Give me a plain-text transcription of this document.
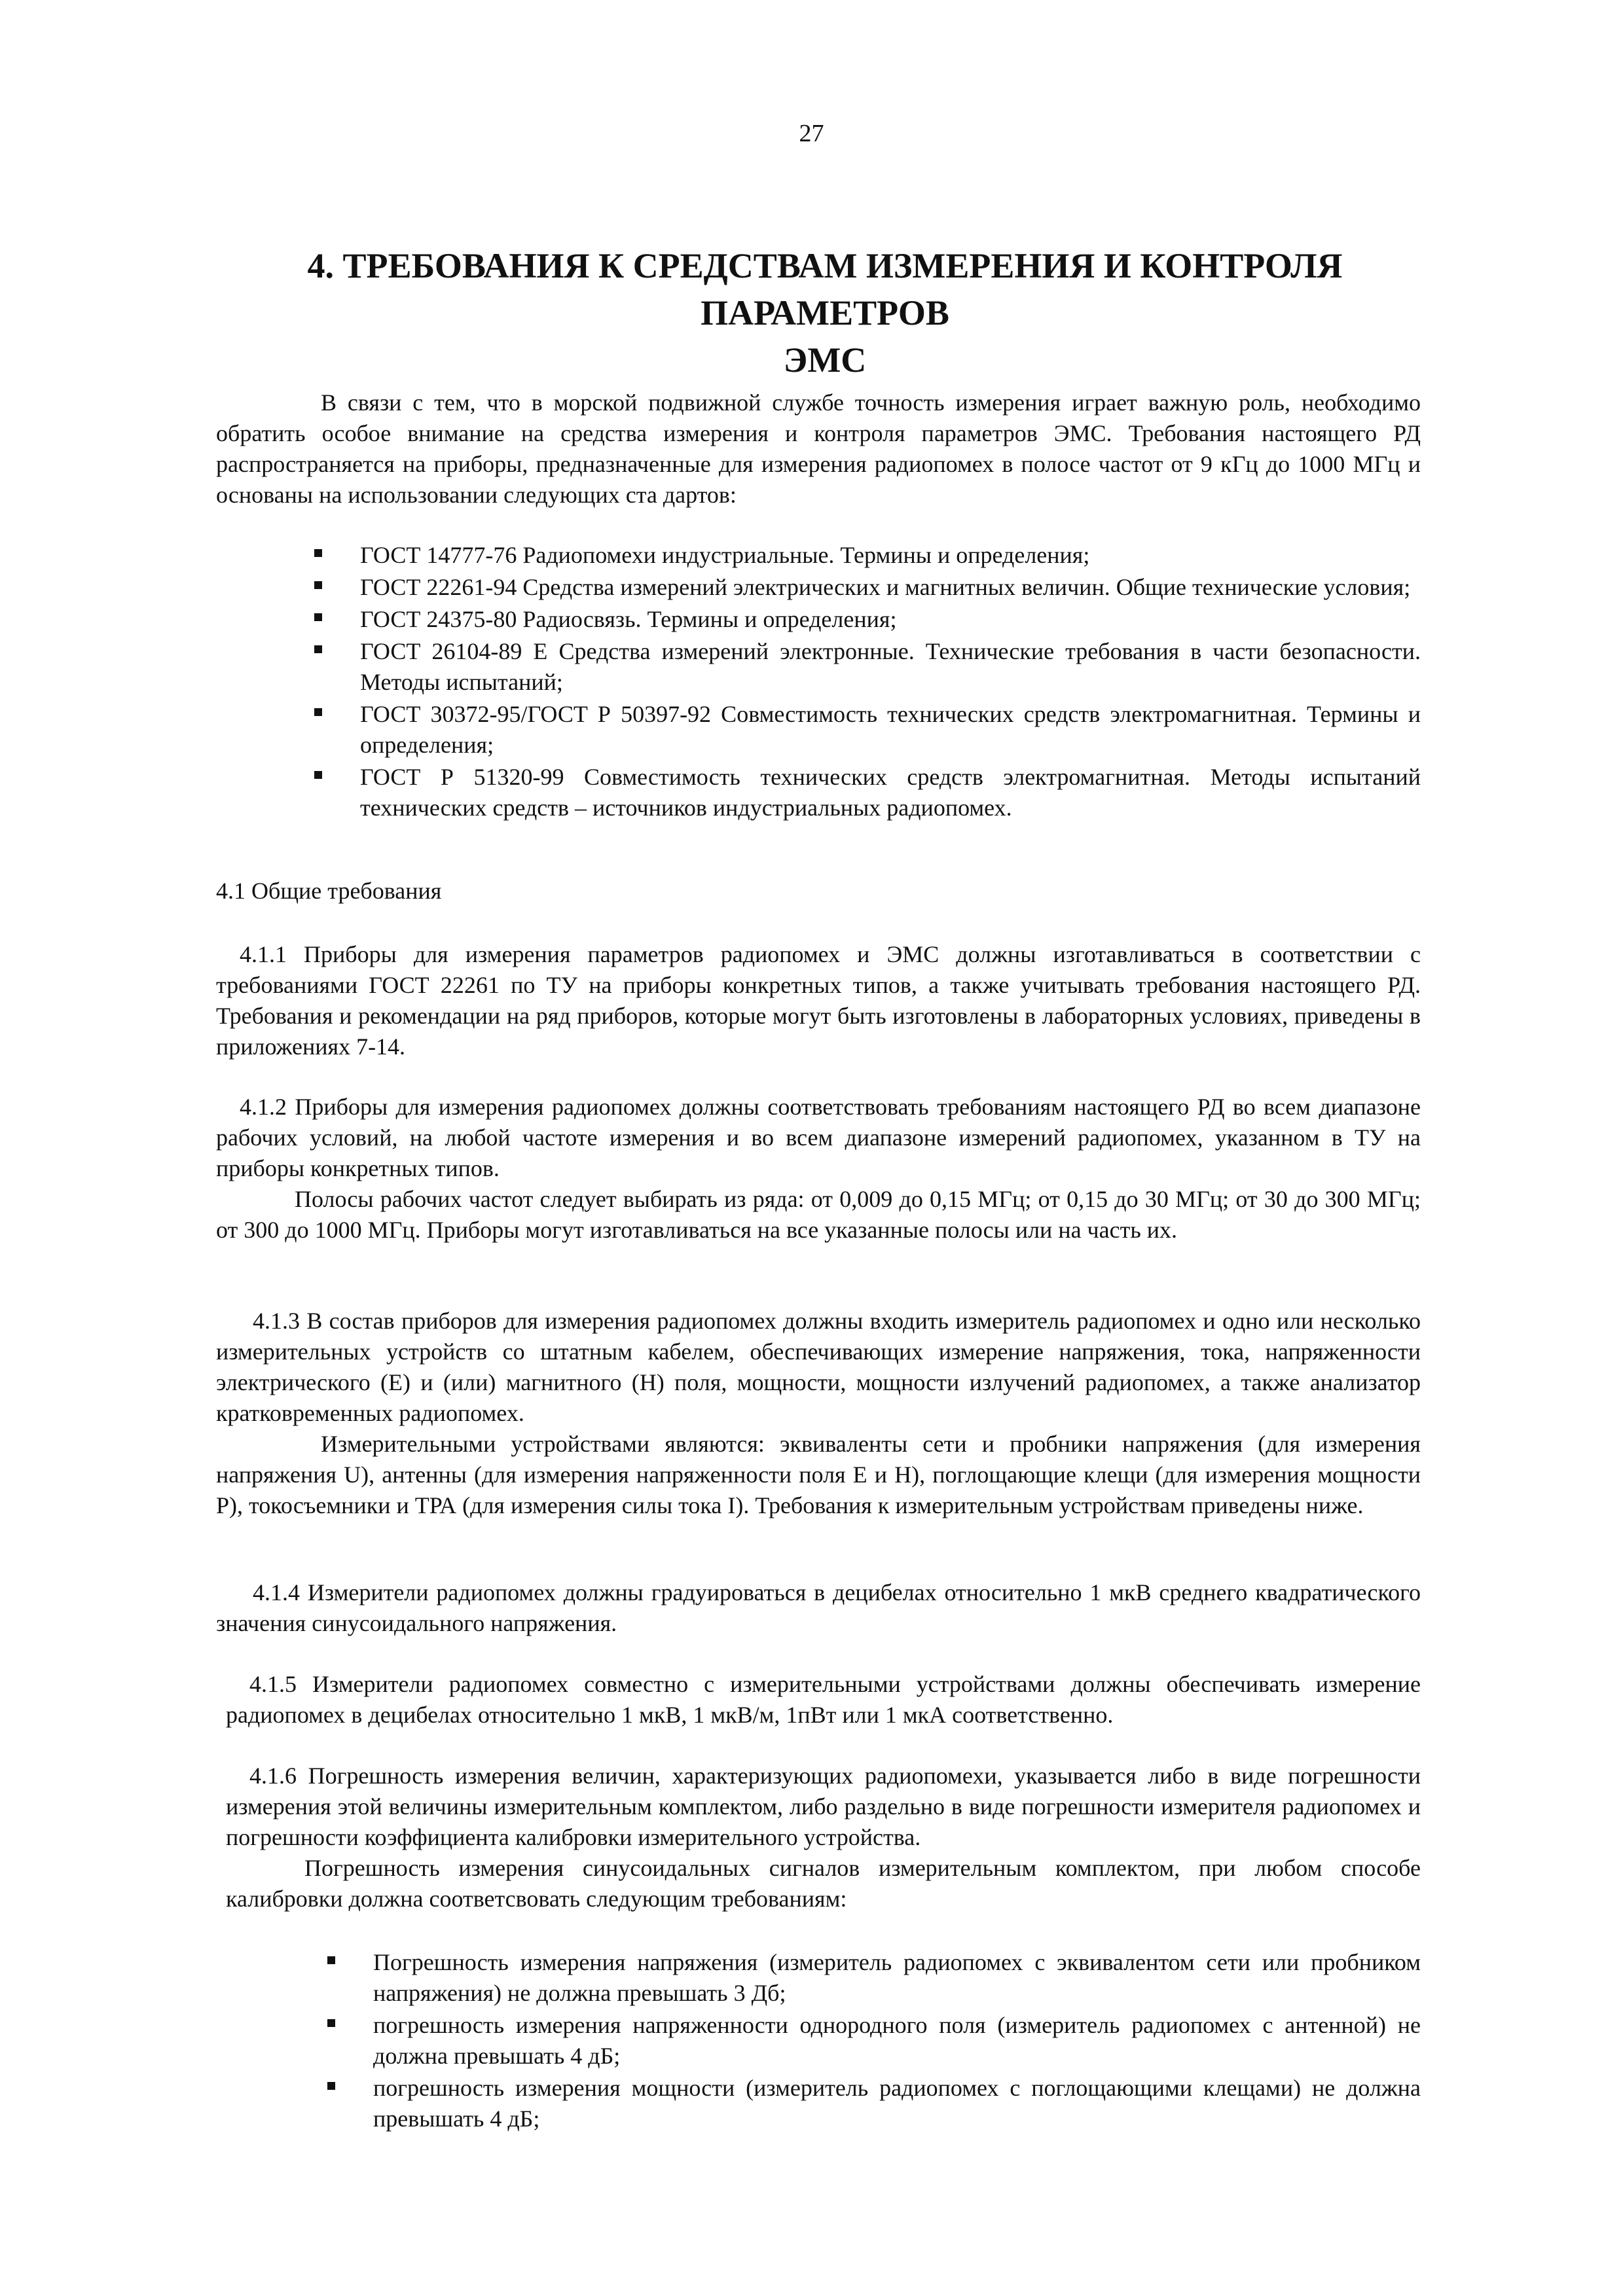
27
4. ТРЕБОВАНИЯ К СРЕДСТВАМ ИЗМЕРЕНИЯ И КОНТРОЛЯ ПАРАМЕТРОВ
ЭМС

В связи с тем, что в морской подвижной службе точность измерения играет важную роль, необходимо обратить особое внимание на средства измерения и контроля параметров ЭМС. Требования настоящего РД распространяется на приборы, предназначенные для измерения радиопомех в полосе частот от 9 кГц до 1000 МГц и основаны на использовании следующих ста дартов:

ГОСТ 14777-76 Радиопомехи индустриальные. Термины и определения;
ГОСТ 22261-94 Средства измерений электрических и магнитных величин. Общие технические условия;
ГОСТ 24375-80 Радиосвязь. Термины и определения;
ГОСТ 26104-89 Е Средства измерений электронные. Технические требования в части безопасности. Методы испытаний;
ГОСТ 30372-95/ГОСТ Р 50397-92 Совместимость технических средств электромагнитная. Термины и определения;
ГОСТ Р 51320-99 Совместимость технических средств электромагнитная. Методы испытаний технических средств – источников индустриальных радиопомех.
4.1 Общие требования

4.1.1 Приборы для измерения параметров радиопомех и ЭМС должны изготавливаться в соответствии с требованиями ГОСТ 22261 по ТУ на приборы конкретных типов, а также учитывать требования настоящего РД. Требования и рекомендации на ряд приборов, которые могут быть изготовлены в лабораторных условиях, приведены в приложениях 7-14.

4.1.2 Приборы для измерения радиопомех должны соответствовать требованиям настоящего РД во всем диапазоне рабочих условий, на любой частоте измерения и во всем диапазоне измерений радиопомех, указанном в ТУ на приборы конкретных типов.

Полосы рабочих частот следует выбирать из ряда: от 0,009 до 0,15 МГц; от 0,15 до 30 МГц; от 30 до 300 МГц; от 300 до 1000 МГц. Приборы могут изготавливаться на все указанные полосы или на часть их.

4.1.3 В состав приборов для измерения радиопомех должны входить измеритель радиопомех и одно или несколько измерительных устройств со штатным кабелем, обеспечивающих измерение напряжения, тока, напряженности электрического (Е) и (или) магнитного (Н) поля, мощности, мощности излучений радиопомех, а также анализатор кратковременных радиопомех.

Измерительными устройствами являются: эквиваленты сети и пробники напряжения (для измерения напряжения U), антенны (для измерения напряженности поля Е и Н), поглощающие клещи (для измерения мощности Р), токосъемники и ТРА (для измерения силы тока I). Требования к измерительным устройствам приведены ниже.

4.1.4 Измерители радиопомех должны градуироваться в децибелах относительно 1 мкВ среднего квадратического значения синусоидального напряжения.

4.1.5 Измерители радиопомех совместно с измерительными устройствами должны обеспечивать измерение радиопомех в децибелах относительно 1 мкВ, 1 мкВ/м, 1пВт или 1 мкА соответственно.

4.1.6 Погрешность измерения величин, характеризующих радиопомехи, указывается либо в виде погрешности измерения этой величины измерительным комплектом, либо раздельно в виде погрешности измерителя радиопомех и погрешности коэффициента калибровки измерительного устройства.

Погрешность измерения синусоидальных сигналов измерительным комплектом, при любом способе калибровки должна соответсвовать следующим требованиям:

Погрешность измерения напряжения (измеритель радиопомех с эквивалентом сети или пробником напряжения) не должна превышать 3 Дб;
погрешность измерения напряженности однородного поля (измеритель радиопомех с антенной) не должна превышать 4 дБ;
погрешность измерения мощности (измеритель радиопомех с поглощающими клещами) не должна превышать 4 дБ;
